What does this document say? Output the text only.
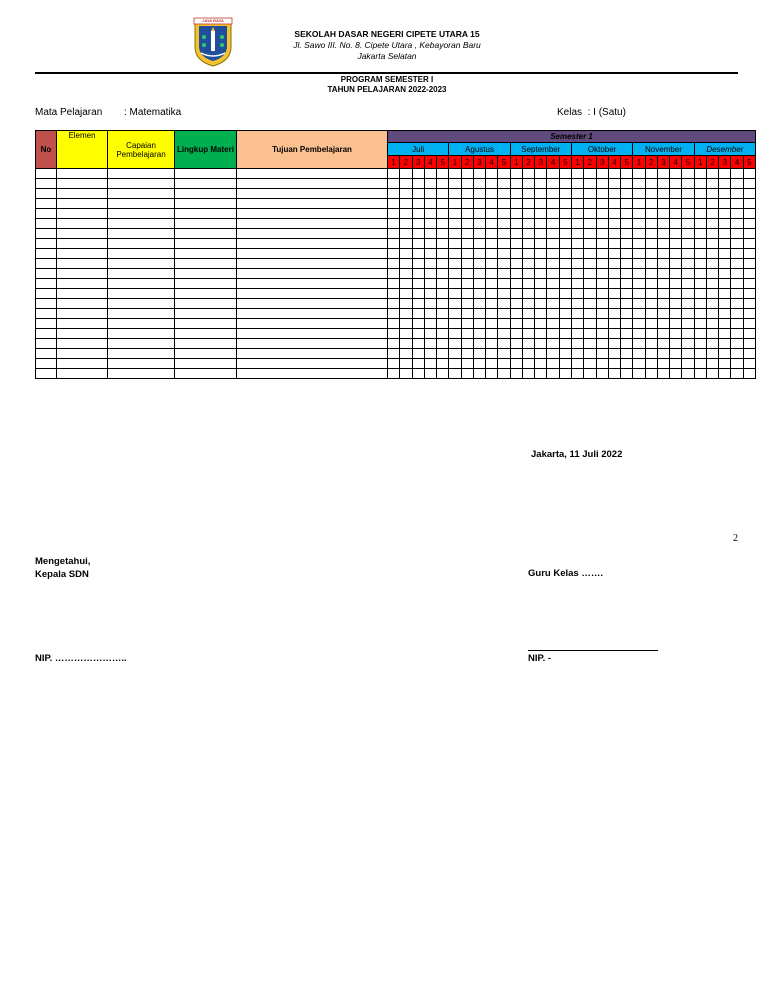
JAYA RAYA
SEKOLAH DASAR NEGERI CIPETE UTARA 15
Jl. Sawo III. No. 8. Cipete Utara , Kebayoran Baru
Jakarta Selatan
PROGRAM SEMESTER I
TAHUN PELAJARAN 2022-2023
Mata Pelajaran : Matematika	Kelas : I (Satu)
No	Elemen	Capaian Pembelajaran	Lingkup Materi	Tujuan Pembelajaran	Semester 1																													
					Juli					Agustus					September					Oktober					November					Desember				
					1	2	3	4	5	1	2	3	4	5	1	2	3	4	5	1	2	3	4	5	1	2	3	4	5	1	2	3	4	5

Jakarta, 11 Juli 2022
2
Mengetahui,
Kepala SDN	Guru Kelas …….
NIP. …………………..	NIP. -
